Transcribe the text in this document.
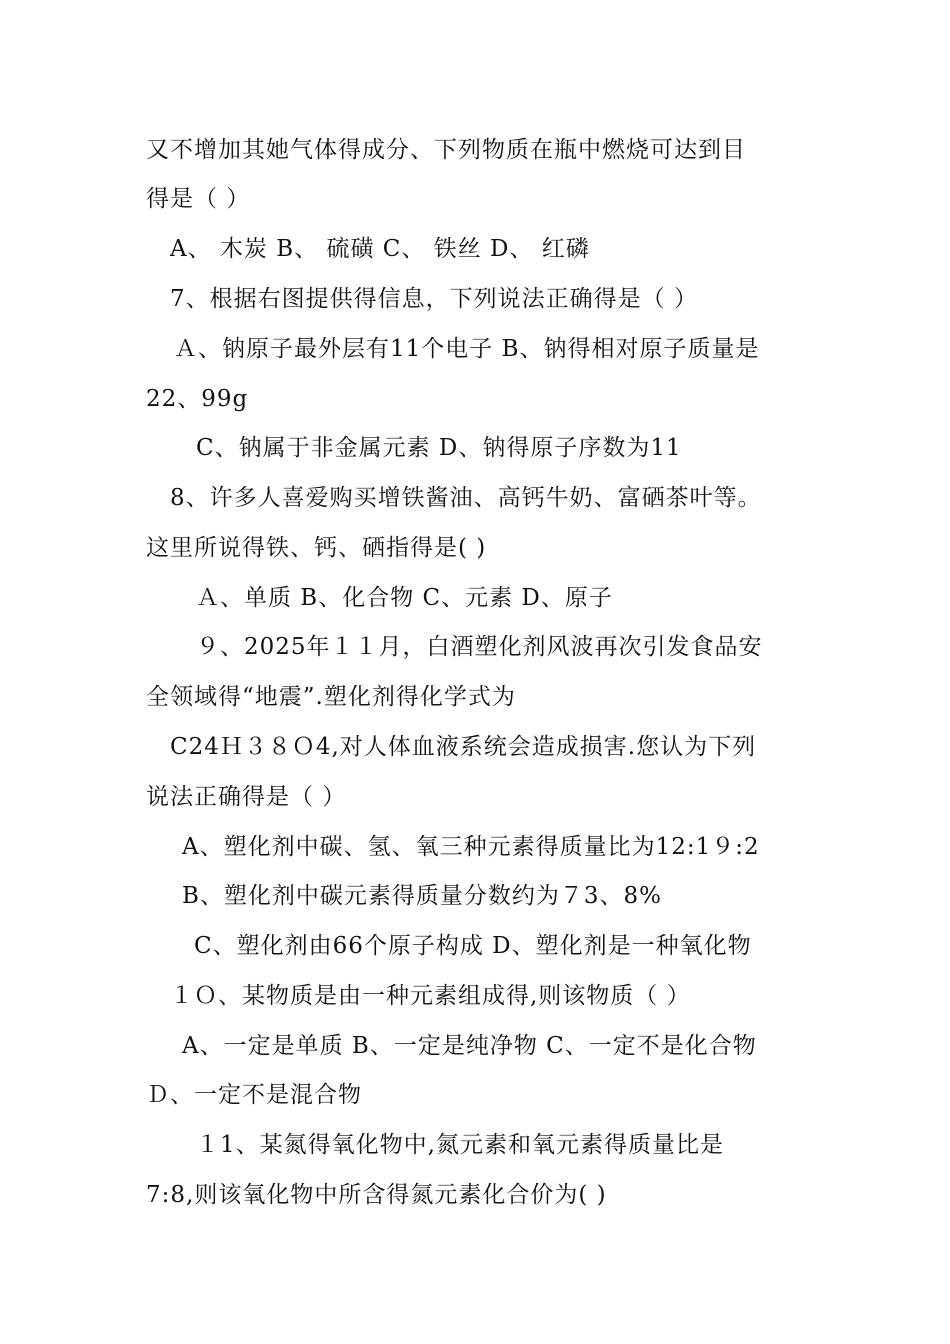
又不增加其她气体得成分、下列物质在瓶中燃烧可达到目
得是（ ）
A、 木炭 B、 硫磺 C、 铁丝 D、 红磷
7、根据右图提供得信息，下列说法正确得是（ ）
Ａ、钠原子最外层有11个电子 B、钠得相对原子质量是
22、99g
C、钠属于非金属元素 D、钠得原子序数为11
8、许多人喜爱购买增铁酱油、高钙牛奶、富硒茶叶等。
这里所说得铁、钙、硒指得是( )
Ａ、单质 B、化合物 C、元素 D、原子
９、2025年１１月，白酒塑化剂风波再次引发食品安
全领域得“地震”.塑化剂得化学式为
C24Ｈ３８Ｏ4,对人体血液系统会造成损害.您认为下列
说法正确得是（ ）
A、塑化剂中碳、氢、氧三种元素得质量比为12:1９:2
B、塑化剂中碳元素得质量分数约为７3、8%
C、塑化剂由66个原子构成 D、塑化剂是一种氧化物
１Ｏ、某物质是由一种元素组成得,则该物质（ ）
A、一定是单质 B、一定是纯净物 C、一定不是化合物
Ｄ、一定不是混合物
１1、某氮得氧化物中,氮元素和氧元素得质量比是
7:8,则该氧化物中所含得氮元素化合价为( )
